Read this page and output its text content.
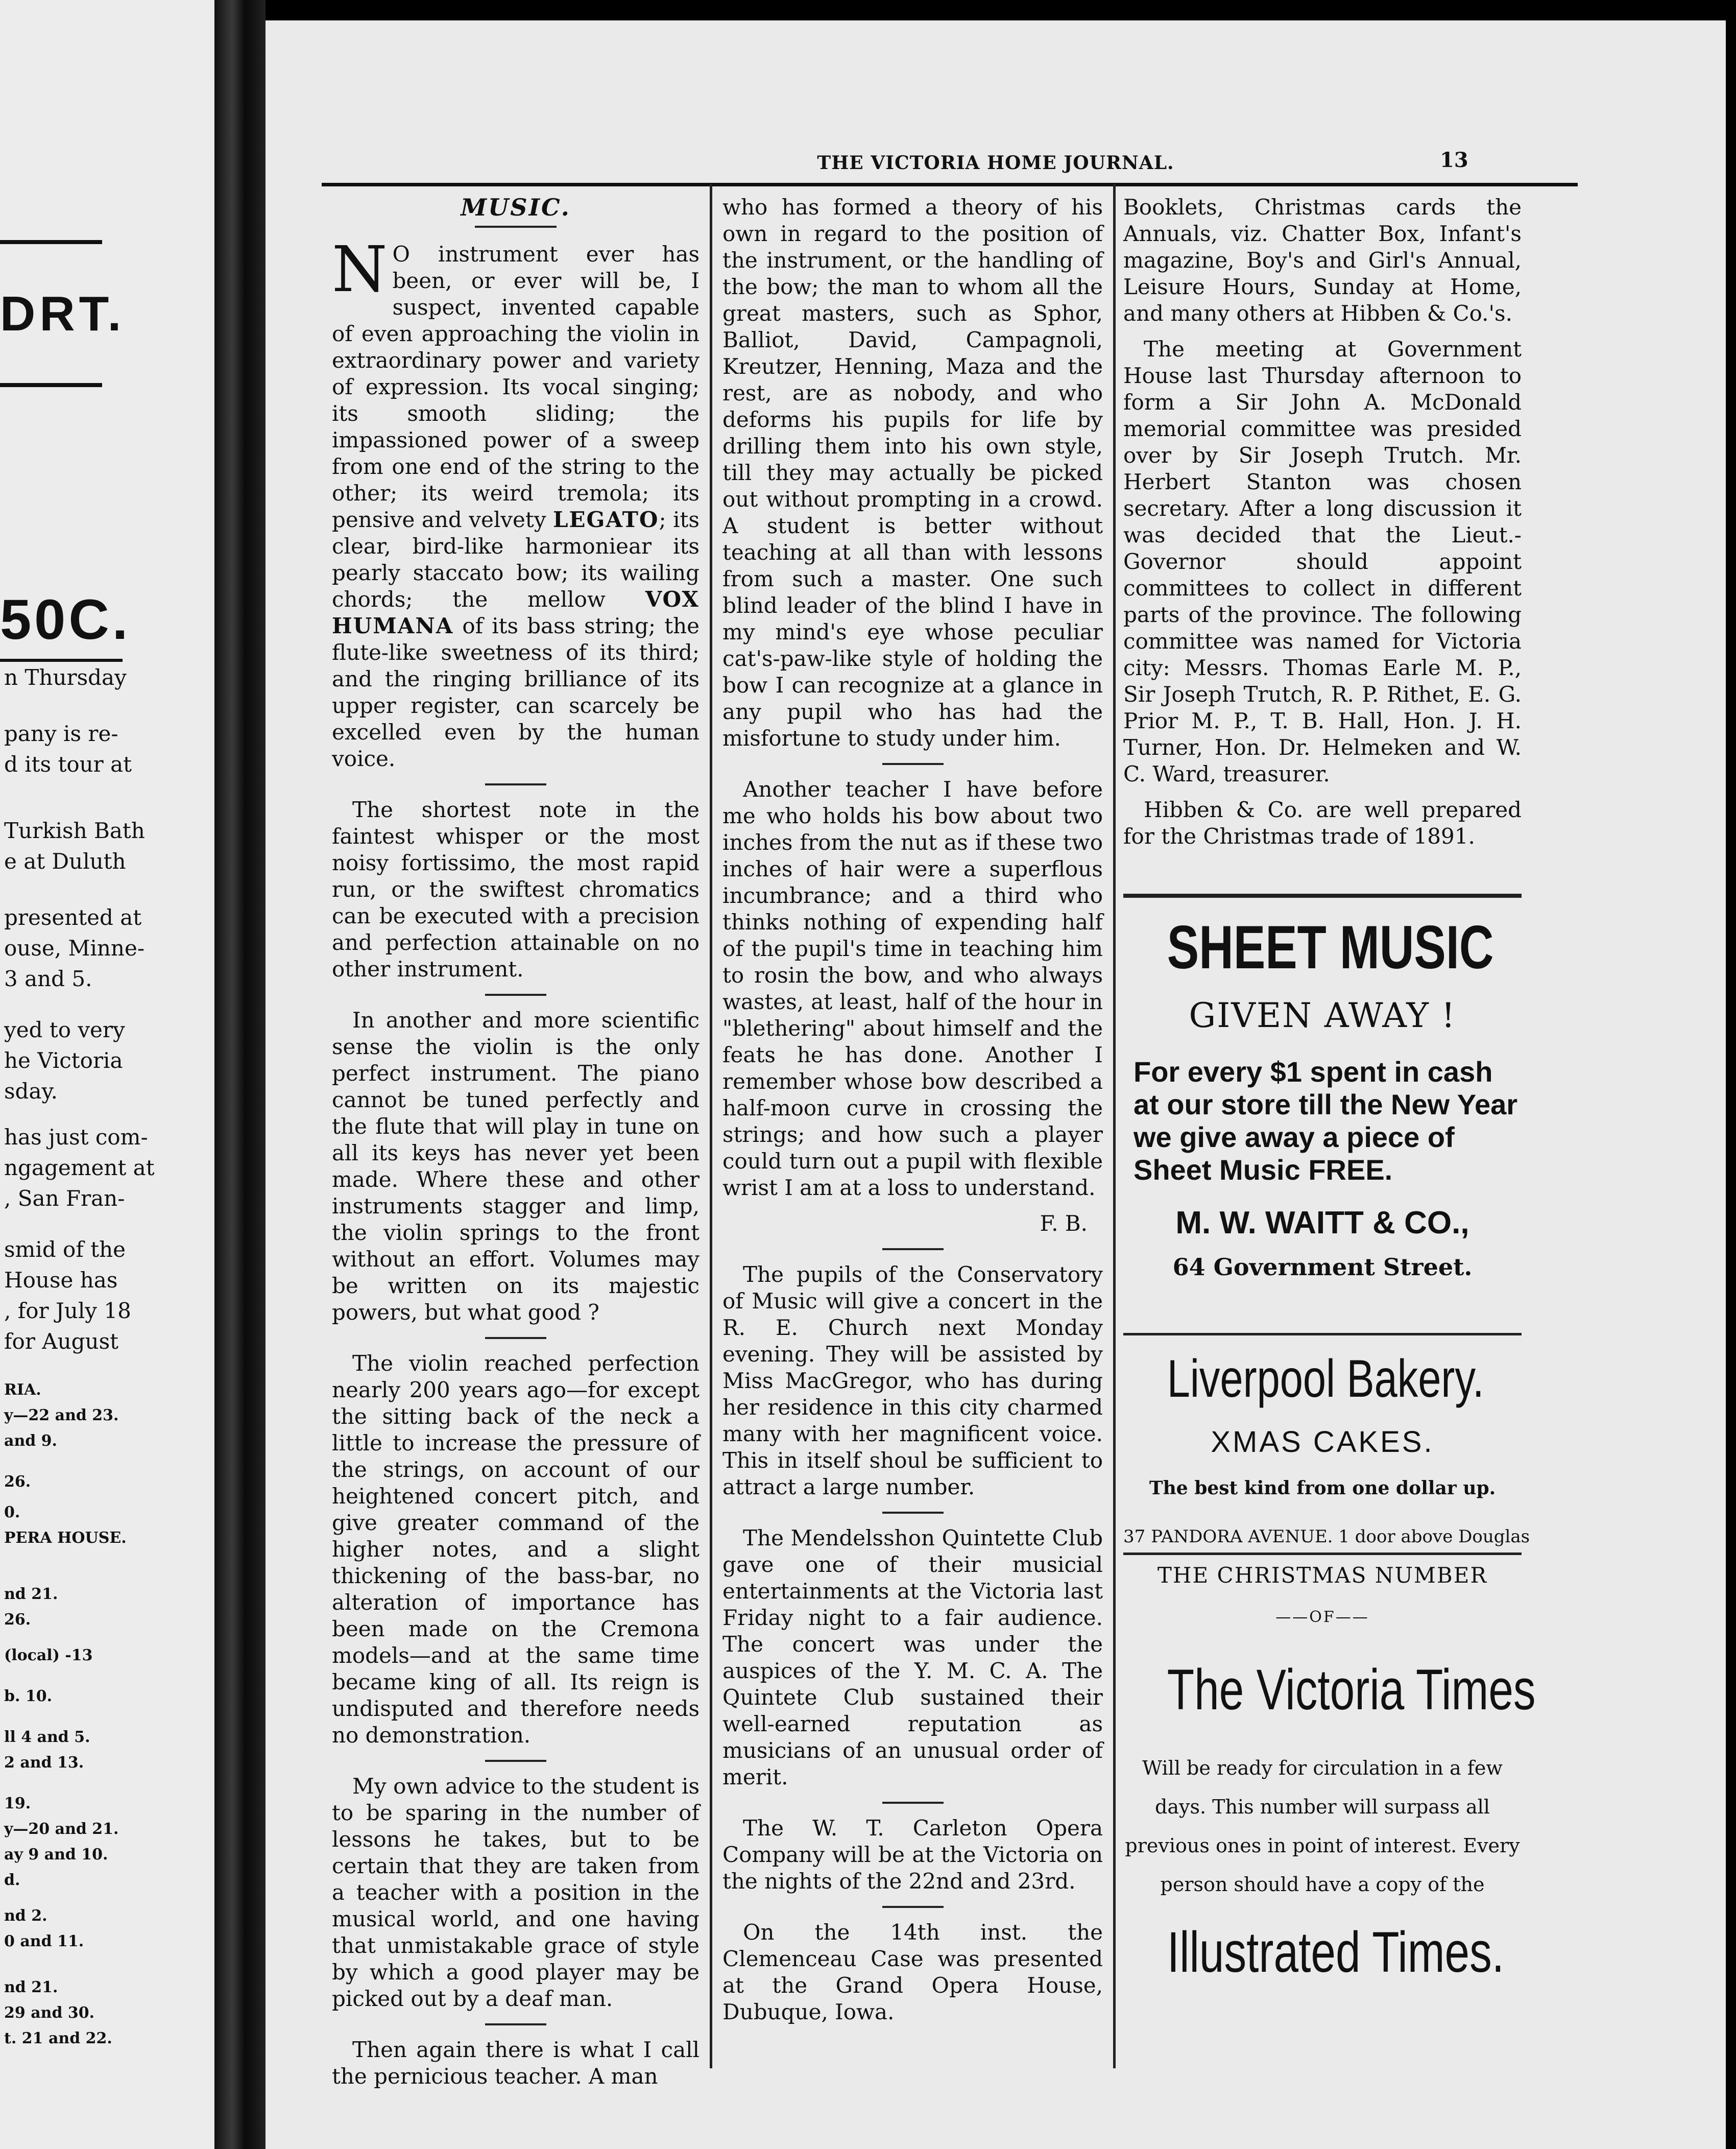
DRT.
50C.
n Thursday
pany is re-
d its tour at
Turkish Bath
e at Duluth
presented at
ouse, Minne-
3 and 5.
yed to very
he Victoria
sday.
has just com-
ngagement at
, San Fran-
smid of the
House has
, for July 18
for August
RIA.
y—22 and 23.
and 9.
26.
0.
PERA HOUSE.
nd 21.
26.
(local) -13
b. 10.
ll 4 and 5.
2 and 13.
19.
y—20 and 21.
ay 9 and 10.
d.
nd 2.
0 and 11.
nd 21.
29 and 30.
t. 21 and 22.
THE VICTORIA HOME JOURNAL.	13
MUSIC.

N O instrument ever has been, or ever will be, I suspect, invented capable of even approaching the violin in extraordinary power and variety of expression. Its vocal singing; its smooth sliding; the impassioned power of a sweep from one end of the string to the other; its weird tremola; its pensive and velvety LEGATO; its clear, bird-like harmoniear its pearly staccato bow; its wailing chords; the mellow VOX HUMANA of its bass string; the flute-like sweetness of its third; and the ringing brilliance of its upper register, can scarcely be excelled even by the human voice.

The shortest note in the faintest whisper or the most noisy fortissimo, the most rapid run, or the swiftest chromatics can be executed with a precision and perfection attainable on no other instrument.

In another and more scientific sense the violin is the only perfect instrument. The piano cannot be tuned perfectly and the flute that will play in tune on all its keys has never yet been made. Where these and other instruments stagger and limp, the violin springs to the front without an effort. Volumes may be written on its majestic powers, but what good ?

The violin reached perfection nearly 200 years ago—for except the sitting back of the neck a little to increase the pressure of the strings, on account of our heightened concert pitch, and give greater command of the higher notes, and a slight thickening of the bass-bar, no alteration of importance has been made on the Cremona models—and at the same time became king of all. Its reign is undisputed and therefore needs no demonstration.

My own advice to the student is to be sparing in the number of lessons he takes, but to be certain that they are taken from a teacher with a position in the musical world, and one having that unmistakable grace of style by which a good player may be picked out by a deaf man.

Then again there is what I call the pernicious teacher. A man

who has formed a theory of his own in regard to the position of the instrument, or the handling of the bow; the man to whom all the great masters, such as Sphor, Balliot, David, Campagnoli, Kreutzer, Henning, Maza and the rest, are as nobody, and who deforms his pupils for life by drilling them into his own style, till they may actually be picked out without prompting in a crowd. A student is better without teaching at all than with lessons from such a master. One such blind leader of the blind I have in my mind's eye whose peculiar cat's-paw-like style of holding the bow I can recognize at a glance in any pupil who has had the misfortune to study under him.

Another teacher I have before me who holds his bow about two inches from the nut as if these two inches of hair were a superflous incumbrance; and a third who thinks nothing of expending half of the pupil's time in teaching him to rosin the bow, and who always wastes, at least, half of the hour in "blethering" about himself and the feats he has done. Another I remember whose bow described a half-moon curve in crossing the strings; and how such a player could turn out a pupil with flexible wrist I am at a loss to understand.

F. B.

The pupils of the Conservatory of Music will give a concert in the R. E. Church next Monday evening. They will be assisted by Miss MacGregor, who has during her residence in this city charmed many with her magnificent voice. This in itself shoul be sufficient to attract a large number.

The Mendelsshon Quintette Club gave one of their musicial entertainments at the Victoria last Friday night to a fair audience. The concert was under the auspices of the Y. M. C. A. The Quintete Club sustained their well-earned reputation as musicians of an unusual order of merit.

The W. T. Carleton Opera Company will be at the Victoria on the nights of the 22nd and 23rd.

On the 14th inst. the Clemenceau Case was presented at the Grand Opera House, Dubuque, Iowa.

Booklets, Christmas cards the Annuals, viz. Chatter Box, Infant's magazine, Boy's and Girl's Annual, Leisure Hours, Sunday at Home, and many others at Hibben & Co.'s.

The meeting at Government House last Thursday afternoon to form a Sir John A. McDonald memorial committee was presided over by Sir Joseph Trutch. Mr. Herbert Stanton was chosen secretary. After a long discussion it was decided that the Lieut.-Governor should appoint committees to collect in different parts of the province. The following committee was named for Victoria city: Messrs. Thomas Earle M. P., Sir Joseph Trutch, R. P. Rithet, E. G. Prior M. P., T. B. Hall, Hon. J. H. Turner, Hon. Dr. Helmeken and W. C. Ward, treasurer.

Hibben & Co. are well prepared for the Christmas trade of 1891.

SHEET MUSIC
GIVEN AWAY !
For every $1 spent in cash at our store till the New Year we give away a piece of Sheet Music FREE.
M. W. WAITT & CO.,
64 Government Street.
Liverpool Bakery.
XMAS CAKES.
The best kind from one dollar up.
37 PANDORA AVENUE. 1 door above Douglas
THE CHRISTMAS NUMBER
——OF——
The Victoria Times
Will be ready for circulation in a few days. This number will surpass all previous ones in point of interest. Every person should have a copy of the
Illustrated Times.
